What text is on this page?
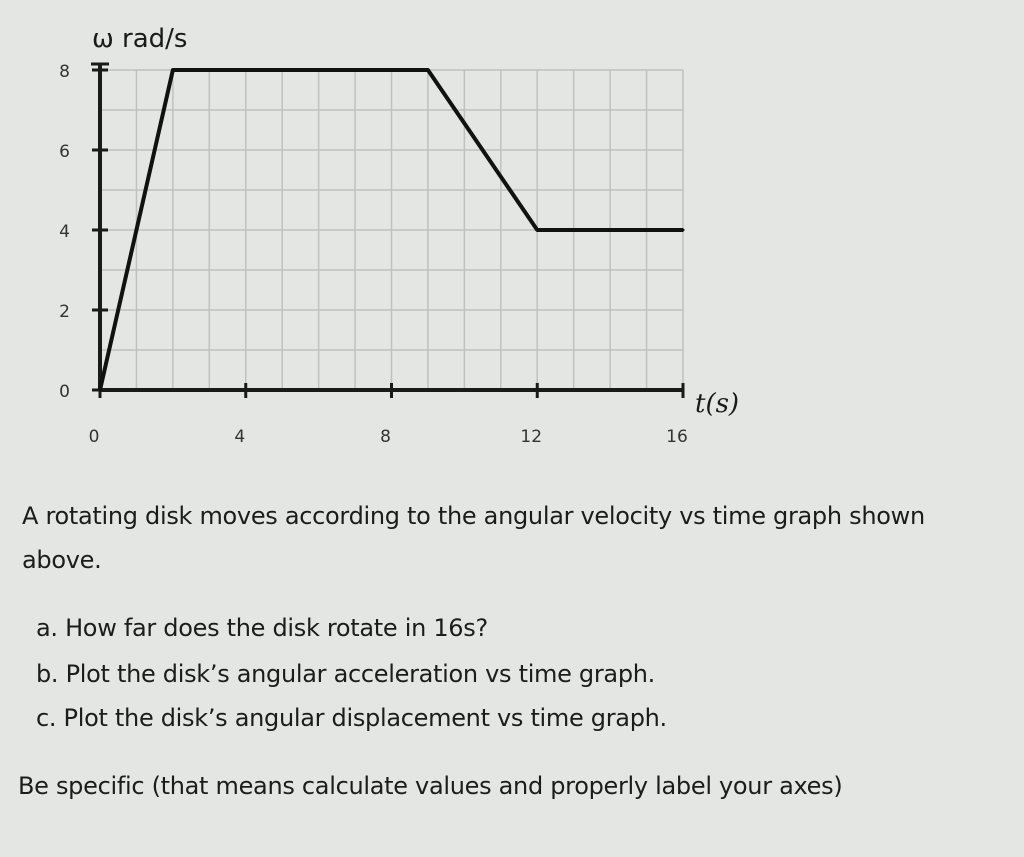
0
2
4
6
8
0	4	8	12	16
ω rad/s
t(s)

A rotating disk moves according to the angular velocity vs time graph shown

above.

a. How far does the disk rotate in 16s?

b. Plot the disk’s angular acceleration vs time graph.

c. Plot the disk’s angular displacement vs time graph.

Be specific (that means calculate values and properly label your axes)
